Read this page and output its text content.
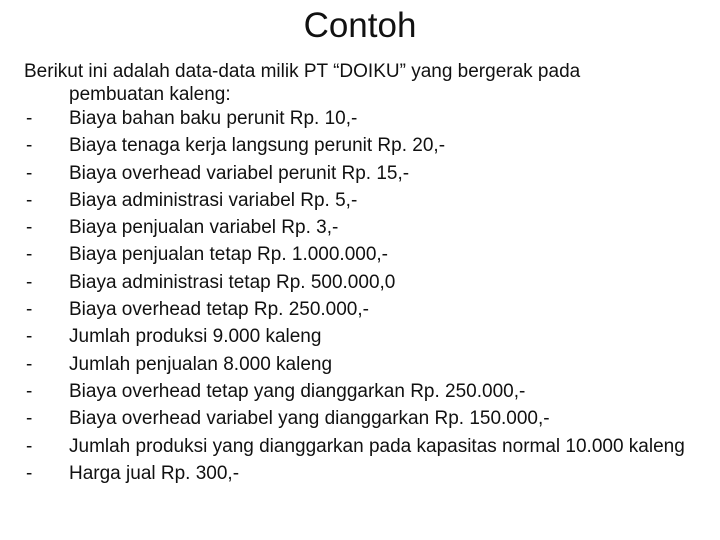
Contoh

Berikut ini adalah data-data milik PT “DOIKU” yang bergerak pada
pembuatan kaleng:

- Biaya bahan baku perunit Rp. 10,-
- Biaya tenaga kerja langsung perunit Rp. 20,-
- Biaya overhead variabel perunit Rp. 15,-
- Biaya administrasi variabel Rp. 5,-
- Biaya penjualan variabel Rp. 3,-
- Biaya penjualan tetap Rp. 1.000.000,-
- Biaya administrasi tetap Rp. 500.000,0
- Biaya overhead tetap Rp. 250.000,-
- Jumlah produksi 9.000 kaleng
- Jumlah penjualan 8.000 kaleng
- Biaya overhead tetap yang dianggarkan Rp. 250.000,-
- Biaya overhead variabel yang dianggarkan Rp. 150.000,-
- Jumlah produksi yang dianggarkan pada kapasitas normal 10.000 kaleng
- Harga jual Rp. 300,-
